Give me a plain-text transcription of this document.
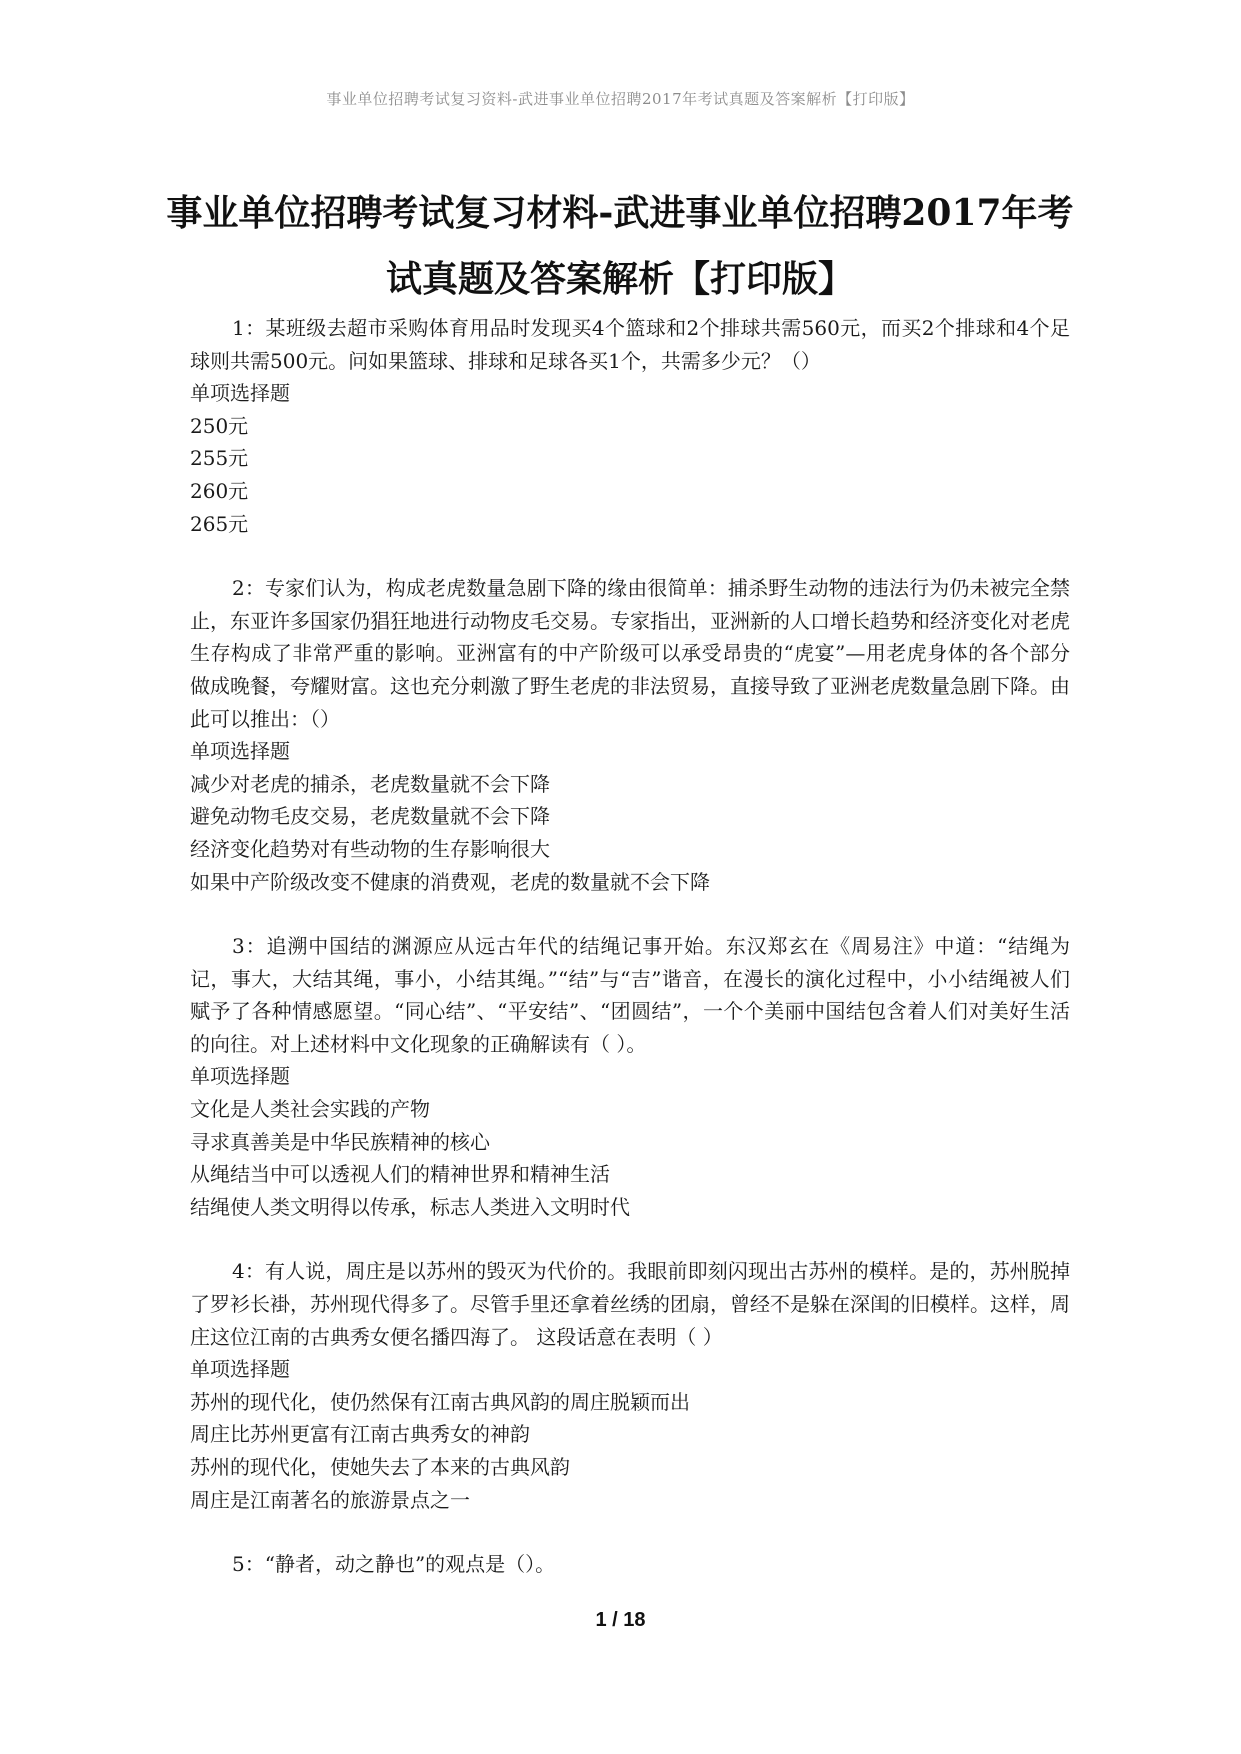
事业单位招聘考试复习资料-武进事业单位招聘2017年考试真题及答案解析【打印版】
事业单位招聘考试复习材料-武进事业单位招聘2017年考试真题及答案解析【打印版】

1：某班级去超市采购体育用品时发现买4个篮球和2个排球共需560元，而买2个排球和4个足球则共需500元。问如果篮球、排球和足球各买1个，共需多少元？（）

单项选择题

250元

255元

260元

265元

2：专家们认为，构成老虎数量急剧下降的缘由很简单：捕杀野生动物的违法行为仍未被完全禁止，东亚许多国家仍猖狂地进行动物皮毛交易。专家指出，亚洲新的人口增长趋势和经济变化对老虎生存构成了非常严重的影响。亚洲富有的中产阶级可以承受昂贵的“虎宴”—用老虎身体的各个部分做成晚餐，夸耀财富。这也充分刺激了野生老虎的非法贸易，直接导致了亚洲老虎数量急剧下降。由此可以推出：（）

单项选择题

减少对老虎的捕杀，老虎数量就不会下降

避免动物毛皮交易，老虎数量就不会下降

经济变化趋势对有些动物的生存影响很大

如果中产阶级改变不健康的消费观，老虎的数量就不会下降

3：追溯中国结的渊源应从远古年代的结绳记事开始。东汉郑玄在《周易注》中道：“结绳为记，事大，大结其绳，事小，小结其绳。”“结”与“吉”谐音，在漫长的演化过程中，小小结绳被人们赋予了各种情感愿望。“同心结”、“平安结”、“团圆结”，一个个美丽中国结包含着人们对美好生活的向往。对上述材料中文化现象的正确解读有（ ）。

单项选择题

文化是人类社会实践的产物

寻求真善美是中华民族精神的核心

从绳结当中可以透视人们的精神世界和精神生活

结绳使人类文明得以传承，标志人类进入文明时代

4：有人说，周庄是以苏州的毁灭为代价的。我眼前即刻闪现出古苏州的模样。是的，苏州脱掉了罗衫长褂，苏州现代得多了。尽管手里还拿着丝绣的团扇，曾经不是躲在深闺的旧模样。这样，周庄这位江南的古典秀女便名播四海了。 这段话意在表明（ ）

单项选择题

苏州的现代化，使仍然保有江南古典风韵的周庄脱颖而出

周庄比苏州更富有江南古典秀女的神韵

苏州的现代化，使她失去了本来的古典风韵

周庄是江南著名的旅游景点之一

5：“静者，动之静也”的观点是（）。

1 / 18
